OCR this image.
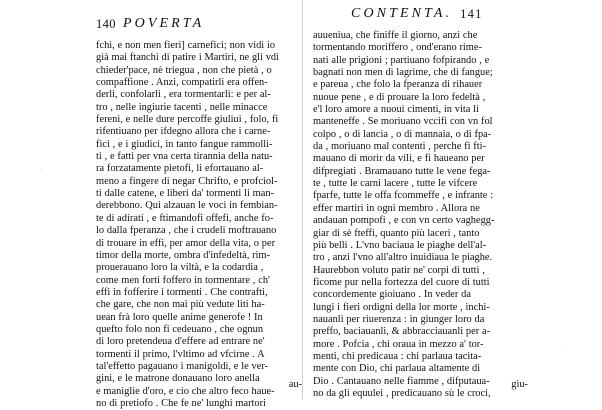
140 POVERTA

fchi, e non men fieri] carnefici; non vidi io
già mai ftanchi di patire i Martiri, ne gli vdì
chieder'pace, nè triegua , non che pietà , o
compaffione . Anzi, compatirli era offen-
derli, confolarli , era tormentarli: e per al-
tro , nelle ingiurie tacenti , nelle minacce
fereni, e nelle dure percoffe giuliui , folo, fi
rifentiuano per ifdegno allora che i carne-
fici , e i giudici, in tanto fangue rammolli-
ti , e fatti per vna certa tirannia della natu-
ra forzatamente pietofi, li efortauano al-
meno a fingere di negar Chrifto, e profciol-
ti dalle catene, e liberi da' tormenti li man-
derebbono. Qui alzauan le voci in fembian-
te di adirati , e ftimandofi offefi, anche fo-
lo dalla fperanza , che i crudeli moftrauano
di trouare in effi, per amor della vita, o per
timor della morte, ombra d'infedeltà, rim-
prouerauano loro la viltà, e la codardia ,
come men forti foffero in tormentare , ch'
effi in fofferire i tormenti . Che contrafti,
che gare, che non mai più vedute liti ha-
uean frà loro quelle anime generofe ! In
quefto folo non fi cedeuano , che ognun
di loro pretendeua d'effere ad entrare ne'
tormenti il primo, l'vltimo ad vfcirne . A
tal'effetto pagauano i manigoldi, e le ver-
gini, e le matrone donauano loro anella
e maniglie d'oro, e cio che altro feco haue-
no di pretiofo . Che fe ne' lunghi martori

au-
CONTENTA. 141

auueniua, che finiffe il giorno, anzi che
tormentando moriffero , ond'erano rime-
nati alle prigioni ; partiuano fofpirando , e
bagnati non men di lagrime, che di fangue;
e pareua , che folo la fperanza di rihauer
nuoue pene , e di prouare la loro fedeltà ,
e'l loro amore a nuoui cimenti, in vita li
manteneffe . Se moriuano vccifi con vn fol
colpo , o di lancia , o di mannaia, o di fpa-
da , moriuano mal contenti , perche fi fti-
mauano di morir da vili, e fi haueano per
difpregiati . Bramauano tutte le vene fega-
te , tutte le carni lacere , tutte le vifcere
fparfe, tutte le offa fcommeffe , e infrante :
effer martiri in ogni membro . Allora ne
andauan pompofi , e con vn certo vaghegg-
giar di sè fteffi, quanto più laceri , tanto
più belli . L'vno baciaua le piaghe dell'al-
tro , anzi l'vno all'altro inuidiaua le piaghe.
Haurebbon voluto patir ne' corpi di tutti ,
ficome pur nella fortezza del cuore di tutti
concordemente gioiuano . In veder da
lungi i fieri ordigni della lor morte , inchi-
nauanli per riuerenza : in giunger loro da
preffo, baciauanli, & abbracciauanli per a-
more . Pofcia , chi oraua in mezzo a' tor-
menti, chi predicaua : chi parlaua tacita-
mente con Dio, chi parlaua altamente di
Dio . Cantauano nelle fiamme , difputaua-
no da gli equulei , predicauano sù le croci,

giu-
